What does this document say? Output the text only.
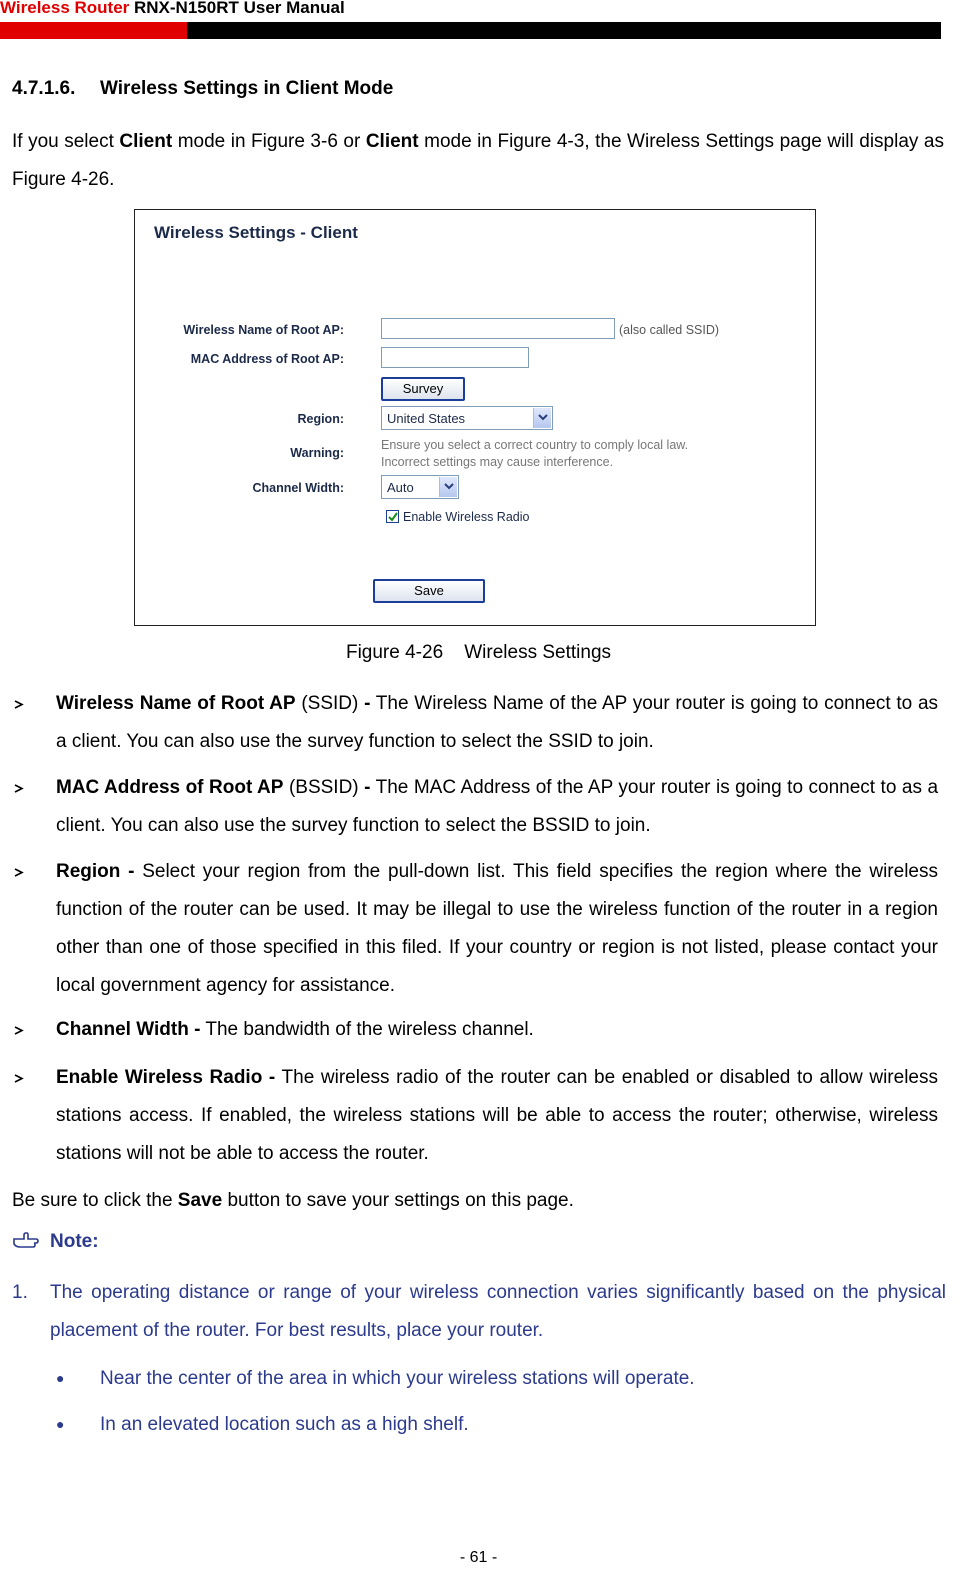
Wireless Router RNX-N150RT User Manual
4.7.1.6. Wireless Settings in Client Mode
If you select Client mode in Figure 3-6 or Client mode in Figure 4-3, the Wireless Settings page will display as Figure 4-26.
Wireless Settings - Client
Wireless Name of Root AP:	(also called SSID)
MAC Address of Root AP:
Survey
Region:	United States
Warning:
Ensure you select a correct country to comply local law.
Incorrect settings may cause interference.
Channel Width:	Auto
Enable Wireless Radio
Save
Figure 4-26    Wireless Settings
Wireless Name of Root AP (SSID) - The Wireless Name of the AP your router is going to connect to as a client. You can also use the survey function to select the SSID to join.
MAC Address of Root AP (BSSID) - The MAC Address of the AP your router is going to connect to as a client. You can also use the survey function to select the BSSID to join.
Region - Select your region from the pull-down list. This field specifies the region where the wireless function of the router can be used. It may be illegal to use the wireless function of the router in a region other than one of those specified in this filed. If your country or region is not listed, please contact your local government agency for assistance.
Channel Width - The bandwidth of the wireless channel.
Enable Wireless Radio - The wireless radio of the router can be enabled or disabled to allow wireless stations access. If enabled, the wireless stations will be able to access the router; otherwise, wireless stations will not be able to access the router.
Be sure to click the Save button to save your settings on this page.
Note:
1. The operating distance or range of your wireless connection varies significantly based on the physical placement of the router. For best results, place your router.
● Near the center of the area in which your wireless stations will operate.
● In an elevated location such as a high shelf.
- 61 -
